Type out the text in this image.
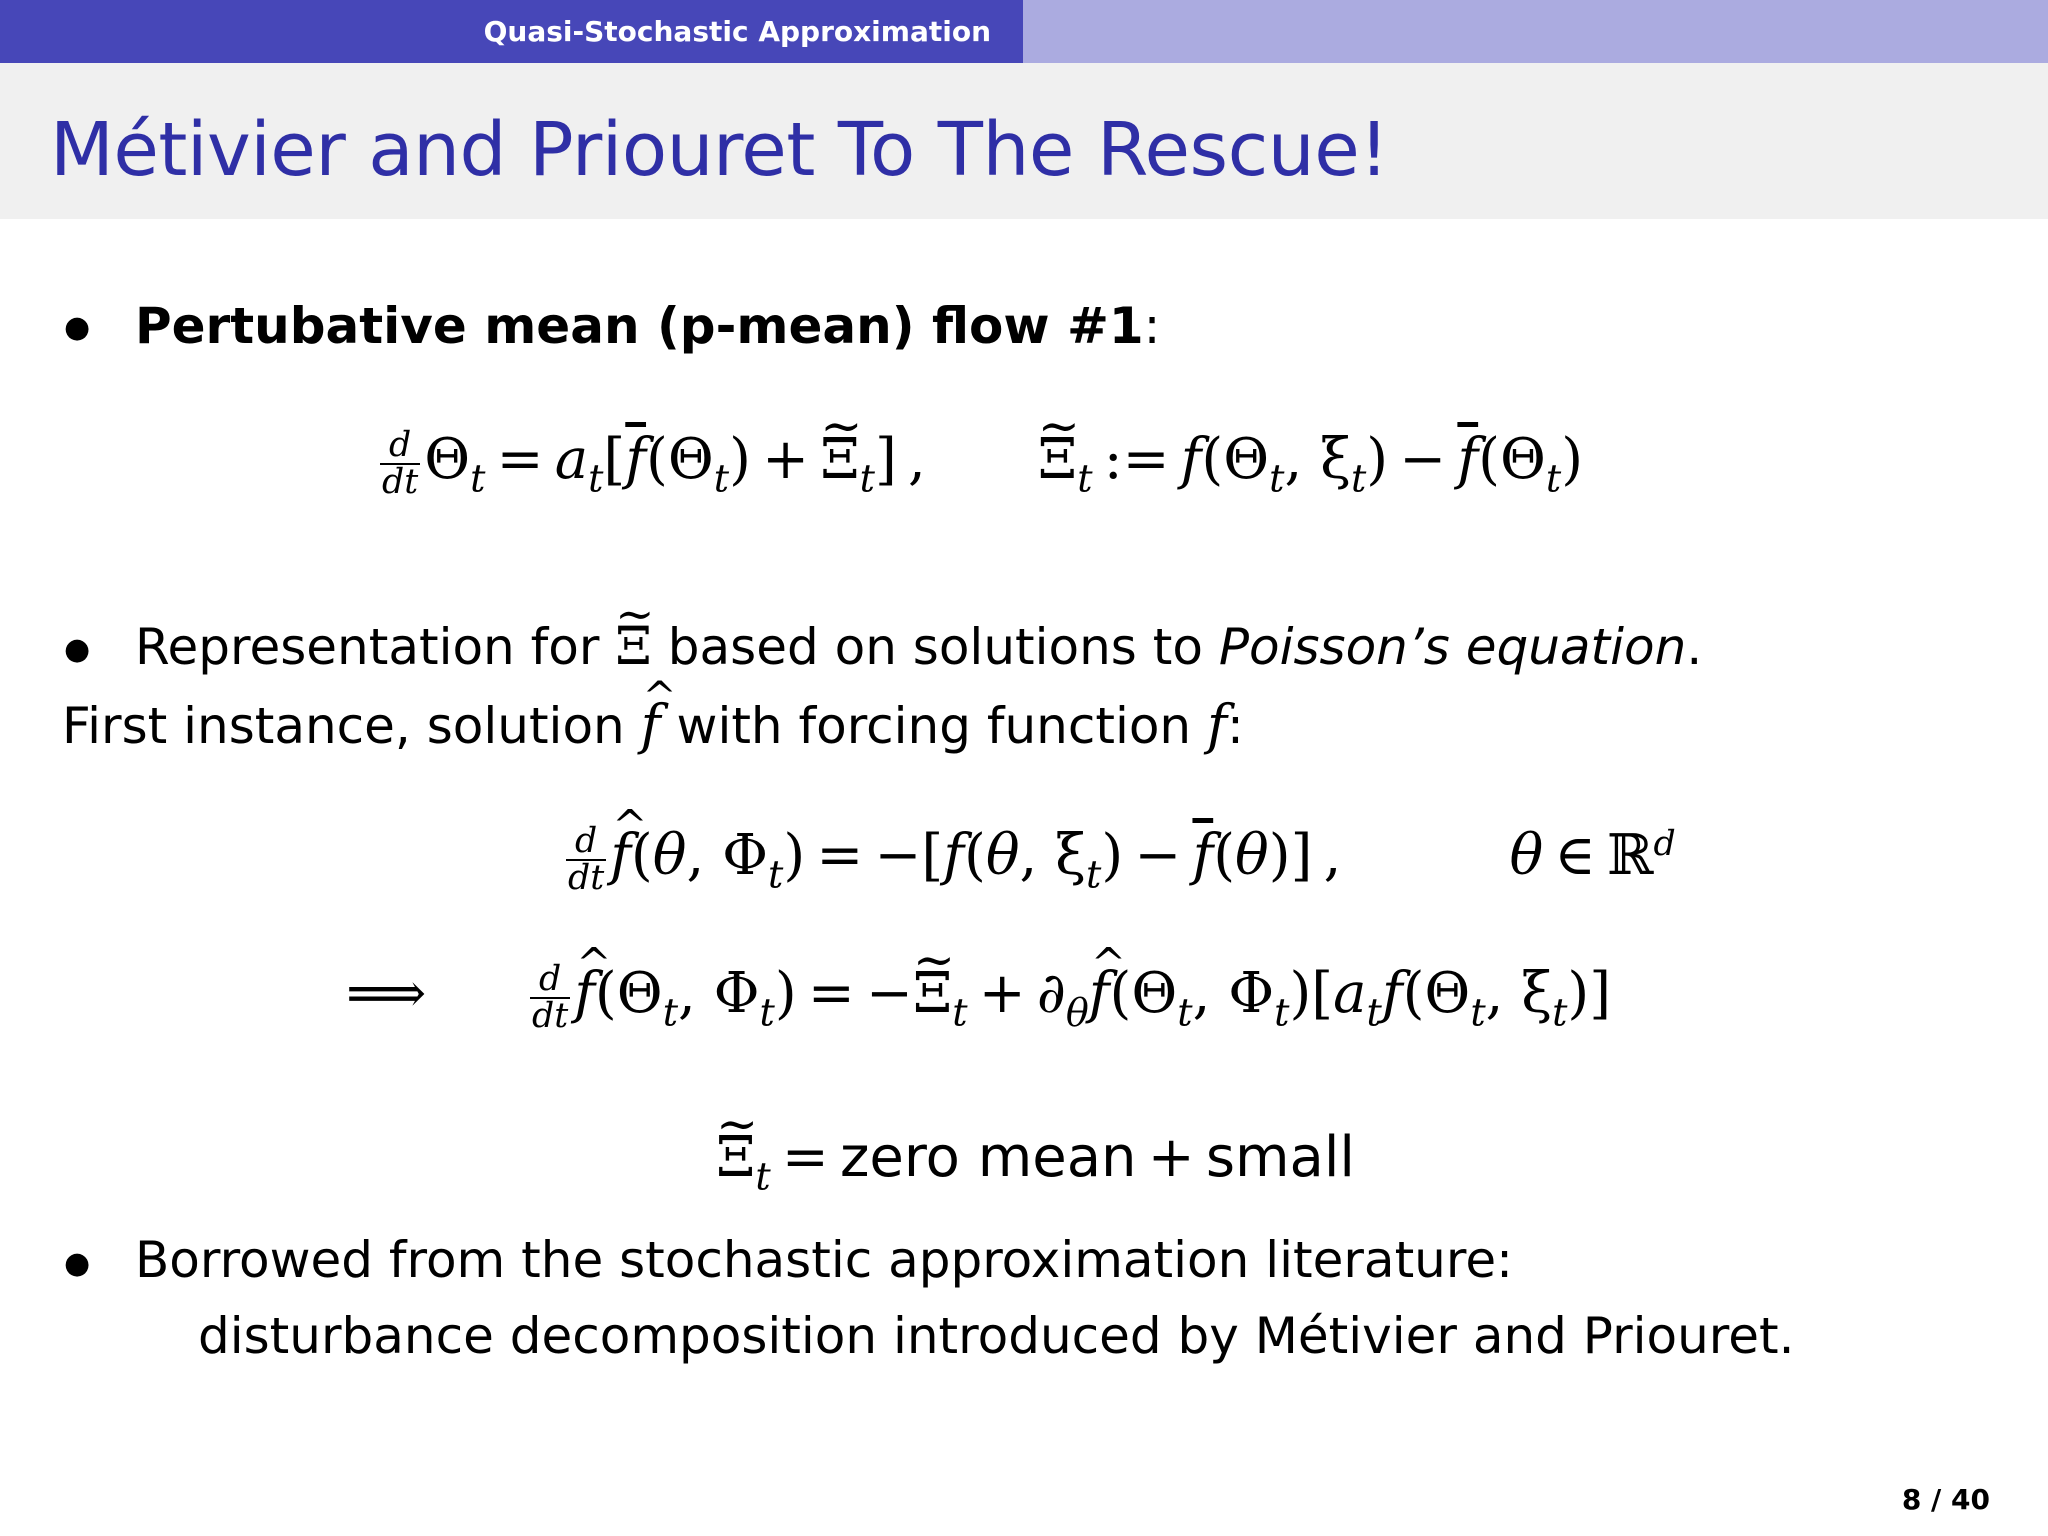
Quasi-Stochastic Approximation
Métivier and Priouret To The Rescue!
● Pertubative mean (p-mean) flow #1:
$\frac{d}{dt} \Theta_t = a_t[\overline{f}(\Theta_t)$ + ∼ $\Xi_t$] ,  ∼ $\Xi_t$ := $f(\Theta_t$, $\xi_t) - \overline{f}(\Theta_t)$
● Representation for ∼ Ξ based on solutions to Poisson’s equation.
First instance, solution ^ f with forcing function f:
$\frac{d}{dt}$ ^ f(θ, $\Phi_t) = -[f(\theta$, $\xi_t) - \overline{f}(\theta)$] ,   θ ∈ ℝ$^d$
⟹	$\frac{d}{dt}$ ^ $f(\Theta_t$, $\Phi_t$) = −∼ $\Xi_t$ + $\partial_\theta\^{}$ $f(\Theta_t$, $\Phi_t)[a_tf(\Theta_t$, $\xi_t$)]
∼ $\Xi_t$ = zero mean + small
● Borrowed from the stochastic approximation literature:
disturbance decomposition introduced by Métivier and Priouret.
8 / 40
